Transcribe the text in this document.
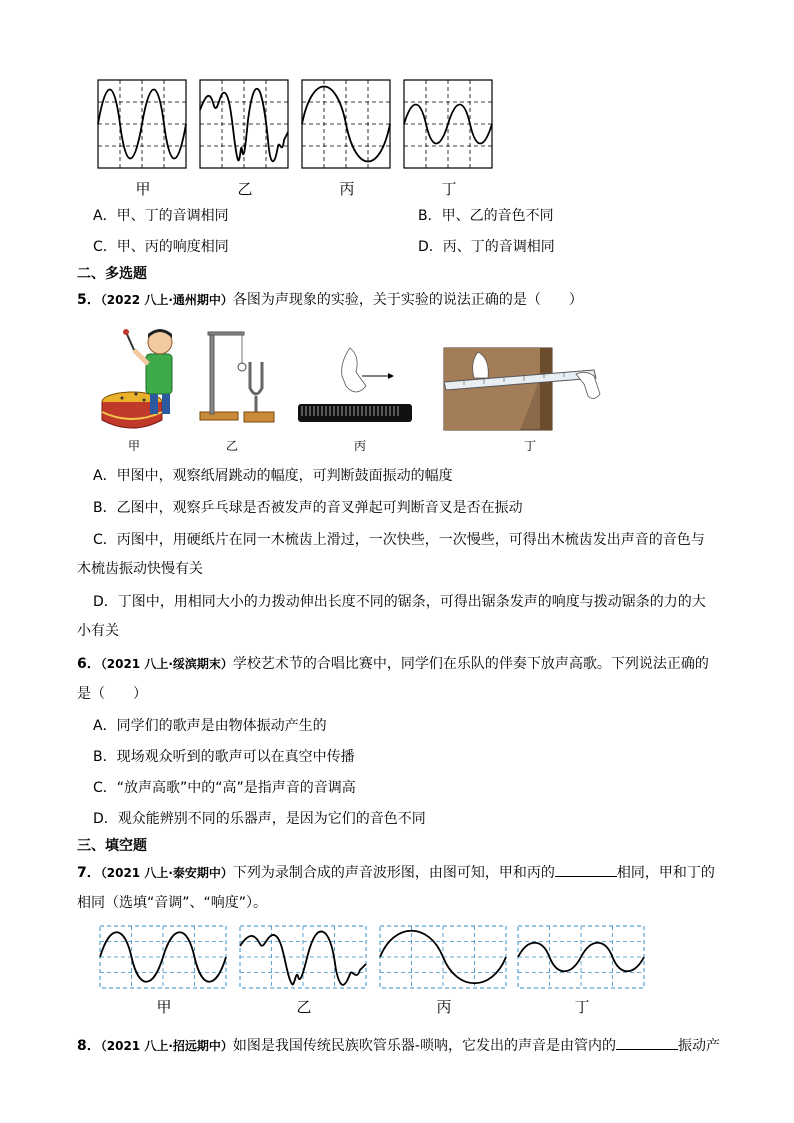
甲	乙	丙	丁
A．甲、丁的音调相同	B．甲、乙的音色不同
C．甲、丙的响度相同	D．丙、丁的音调相同
二、多选题
5．（2022 八上·通州期中）各图为声现象的实验，关于实验的说法正确的是（　　）
甲	乙	丙	丁
A．甲图中，观察纸屑跳动的幅度，可判断鼓面振动的幅度
B．乙图中，观察乒乓球是否被发声的音叉弹起可判断音叉是否在振动
C．丙图中，用硬纸片在同一木梳齿上滑过，一次快些，一次慢些，可得出木梳齿发出声音的音色与
木梳齿振动快慢有关
D．丁图中，用相同大小的力拨动伸出长度不同的锯条，可得出锯条发声的响度与拨动锯条的力的大
小有关
6．（2021 八上·绥滨期末）学校艺术节的合唱比赛中，同学们在乐队的伴奏下放声高歌。下列说法正确的
是（　　）
A．同学们的歌声是由物体振动产生的
B．现场观众听到的歌声可以在真空中传播
C．“放声高歌”中的“高”是指声音的音调高
D．观众能辨别不同的乐器声，是因为它们的音色不同
三、填空题
7．（2021 八上·泰安期中）下列为录制合成的声音波形图，由图可知，甲和丙的	相同，甲和丁的
相同（选填“音调”、“响度”）。
甲	乙	丙	丁
8．（2021 八上·招远期中）如图是我国传统民族吹管乐器-唢呐，它发出的声音是由管内的	振动产
